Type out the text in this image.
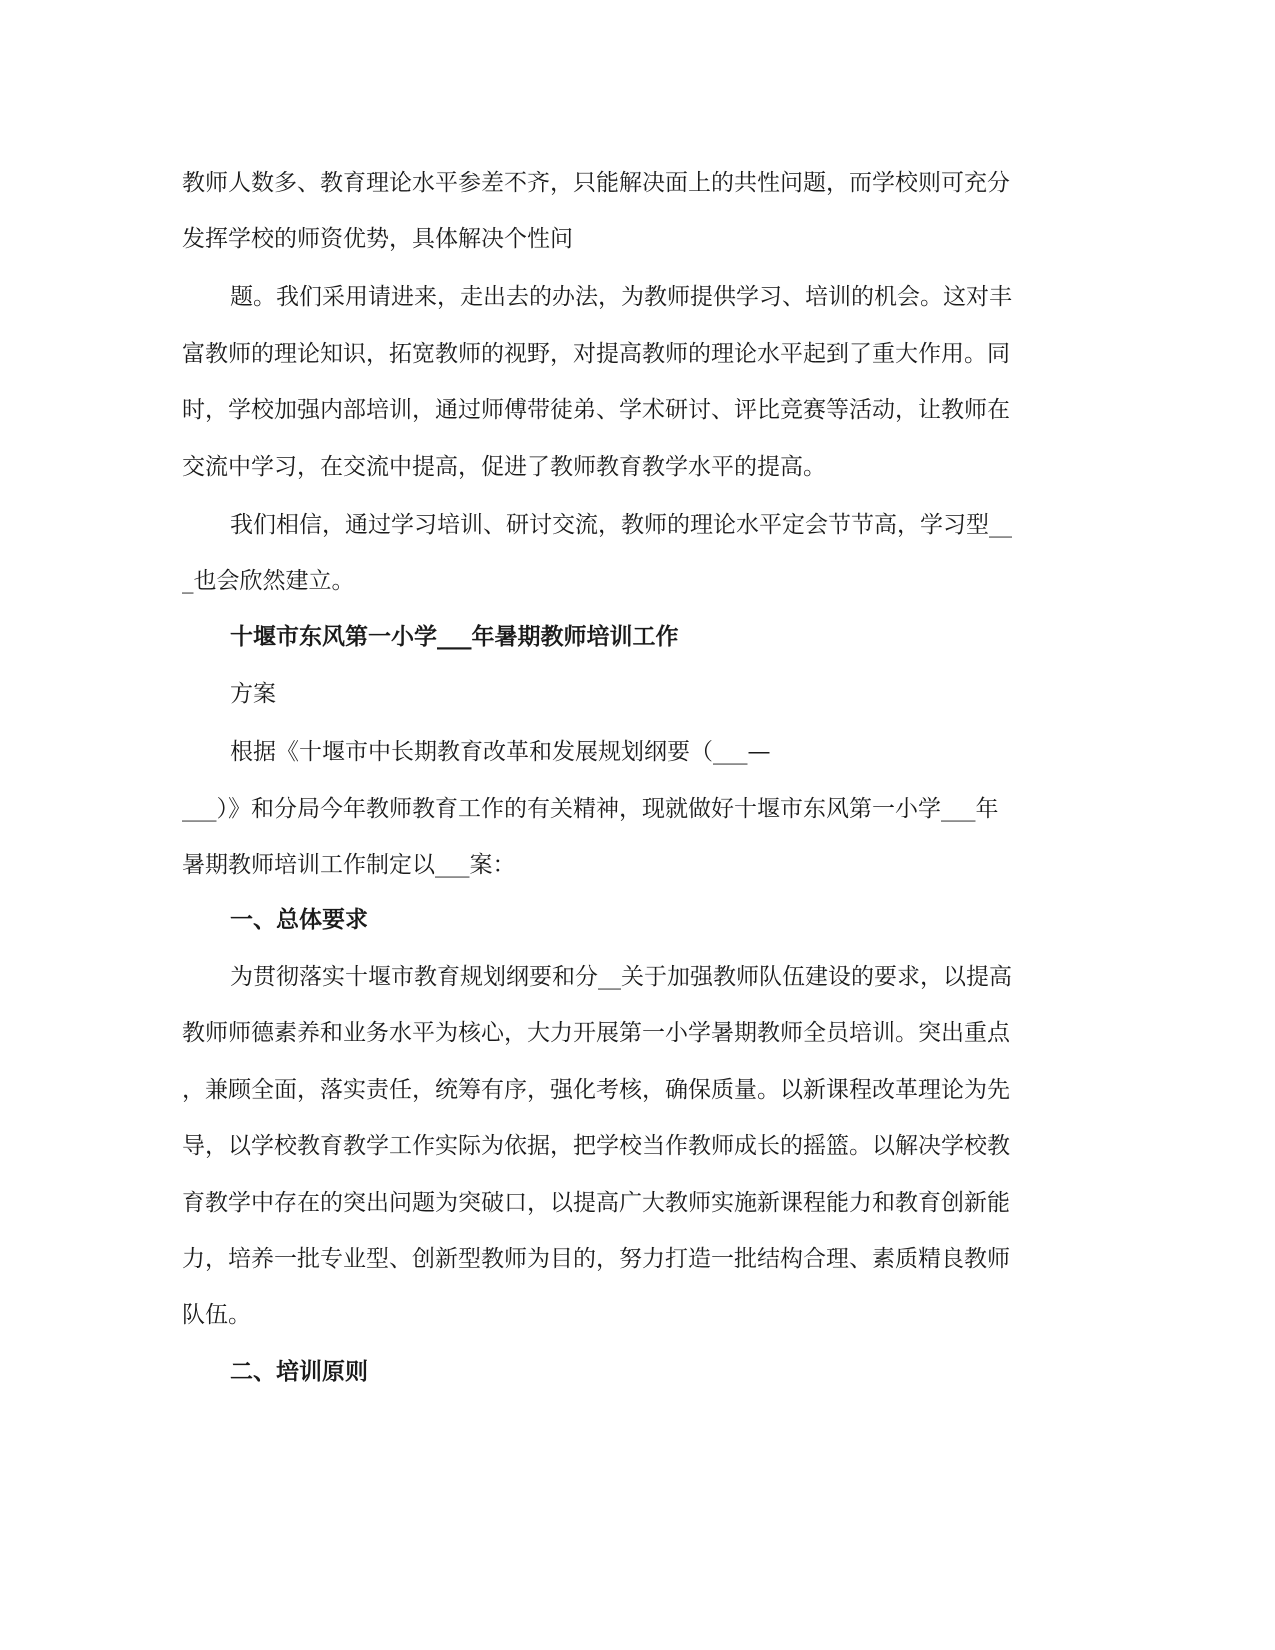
教师人数多、教育理论水平参差不齐，只能解决面上的共性问题，而学校则可充分
发挥学校的师资优势，具体解决个性问
题。我们采用请进来，走出去的办法，为教师提供学习、培训的机会。这对丰
富教师的理论知识，拓宽教师的视野，对提高教师的理论水平起到了重大作用。同
时，学校加强内部培训，通过师傅带徒弟、学术研讨、评比竞赛等活动，让教师在
交流中学习，在交流中提高，促进了教师教育教学水平的提高。
我们相信，通过学习培训、研讨交流，教师的理论水平定会节节高，学习型__
_也会欣然建立。
十堰市东风第一小学___年暑期教师培训工作
方案
根据《十堰市中长期教育改革和发展规划纲要（___—
___）》和分局今年教师教育工作的有关精神，现就做好十堰市东风第一小学___年
暑期教师培训工作制定以___案：
一、总体要求
为贯彻落实十堰市教育规划纲要和分__关于加强教师队伍建设的要求，以提高
教师师德素养和业务水平为核心，大力开展第一小学暑期教师全员培训。突出重点
，兼顾全面，落实责任，统筹有序，强化考核，确保质量。以新课程改革理论为先
导，以学校教育教学工作实际为依据，把学校当作教师成长的摇篮。以解决学校教
育教学中存在的突出问题为突破口，以提高广大教师实施新课程能力和教育创新能
力，培养一批专业型、创新型教师为目的，努力打造一批结构合理、素质精良教师
队伍。
二、培训原则
